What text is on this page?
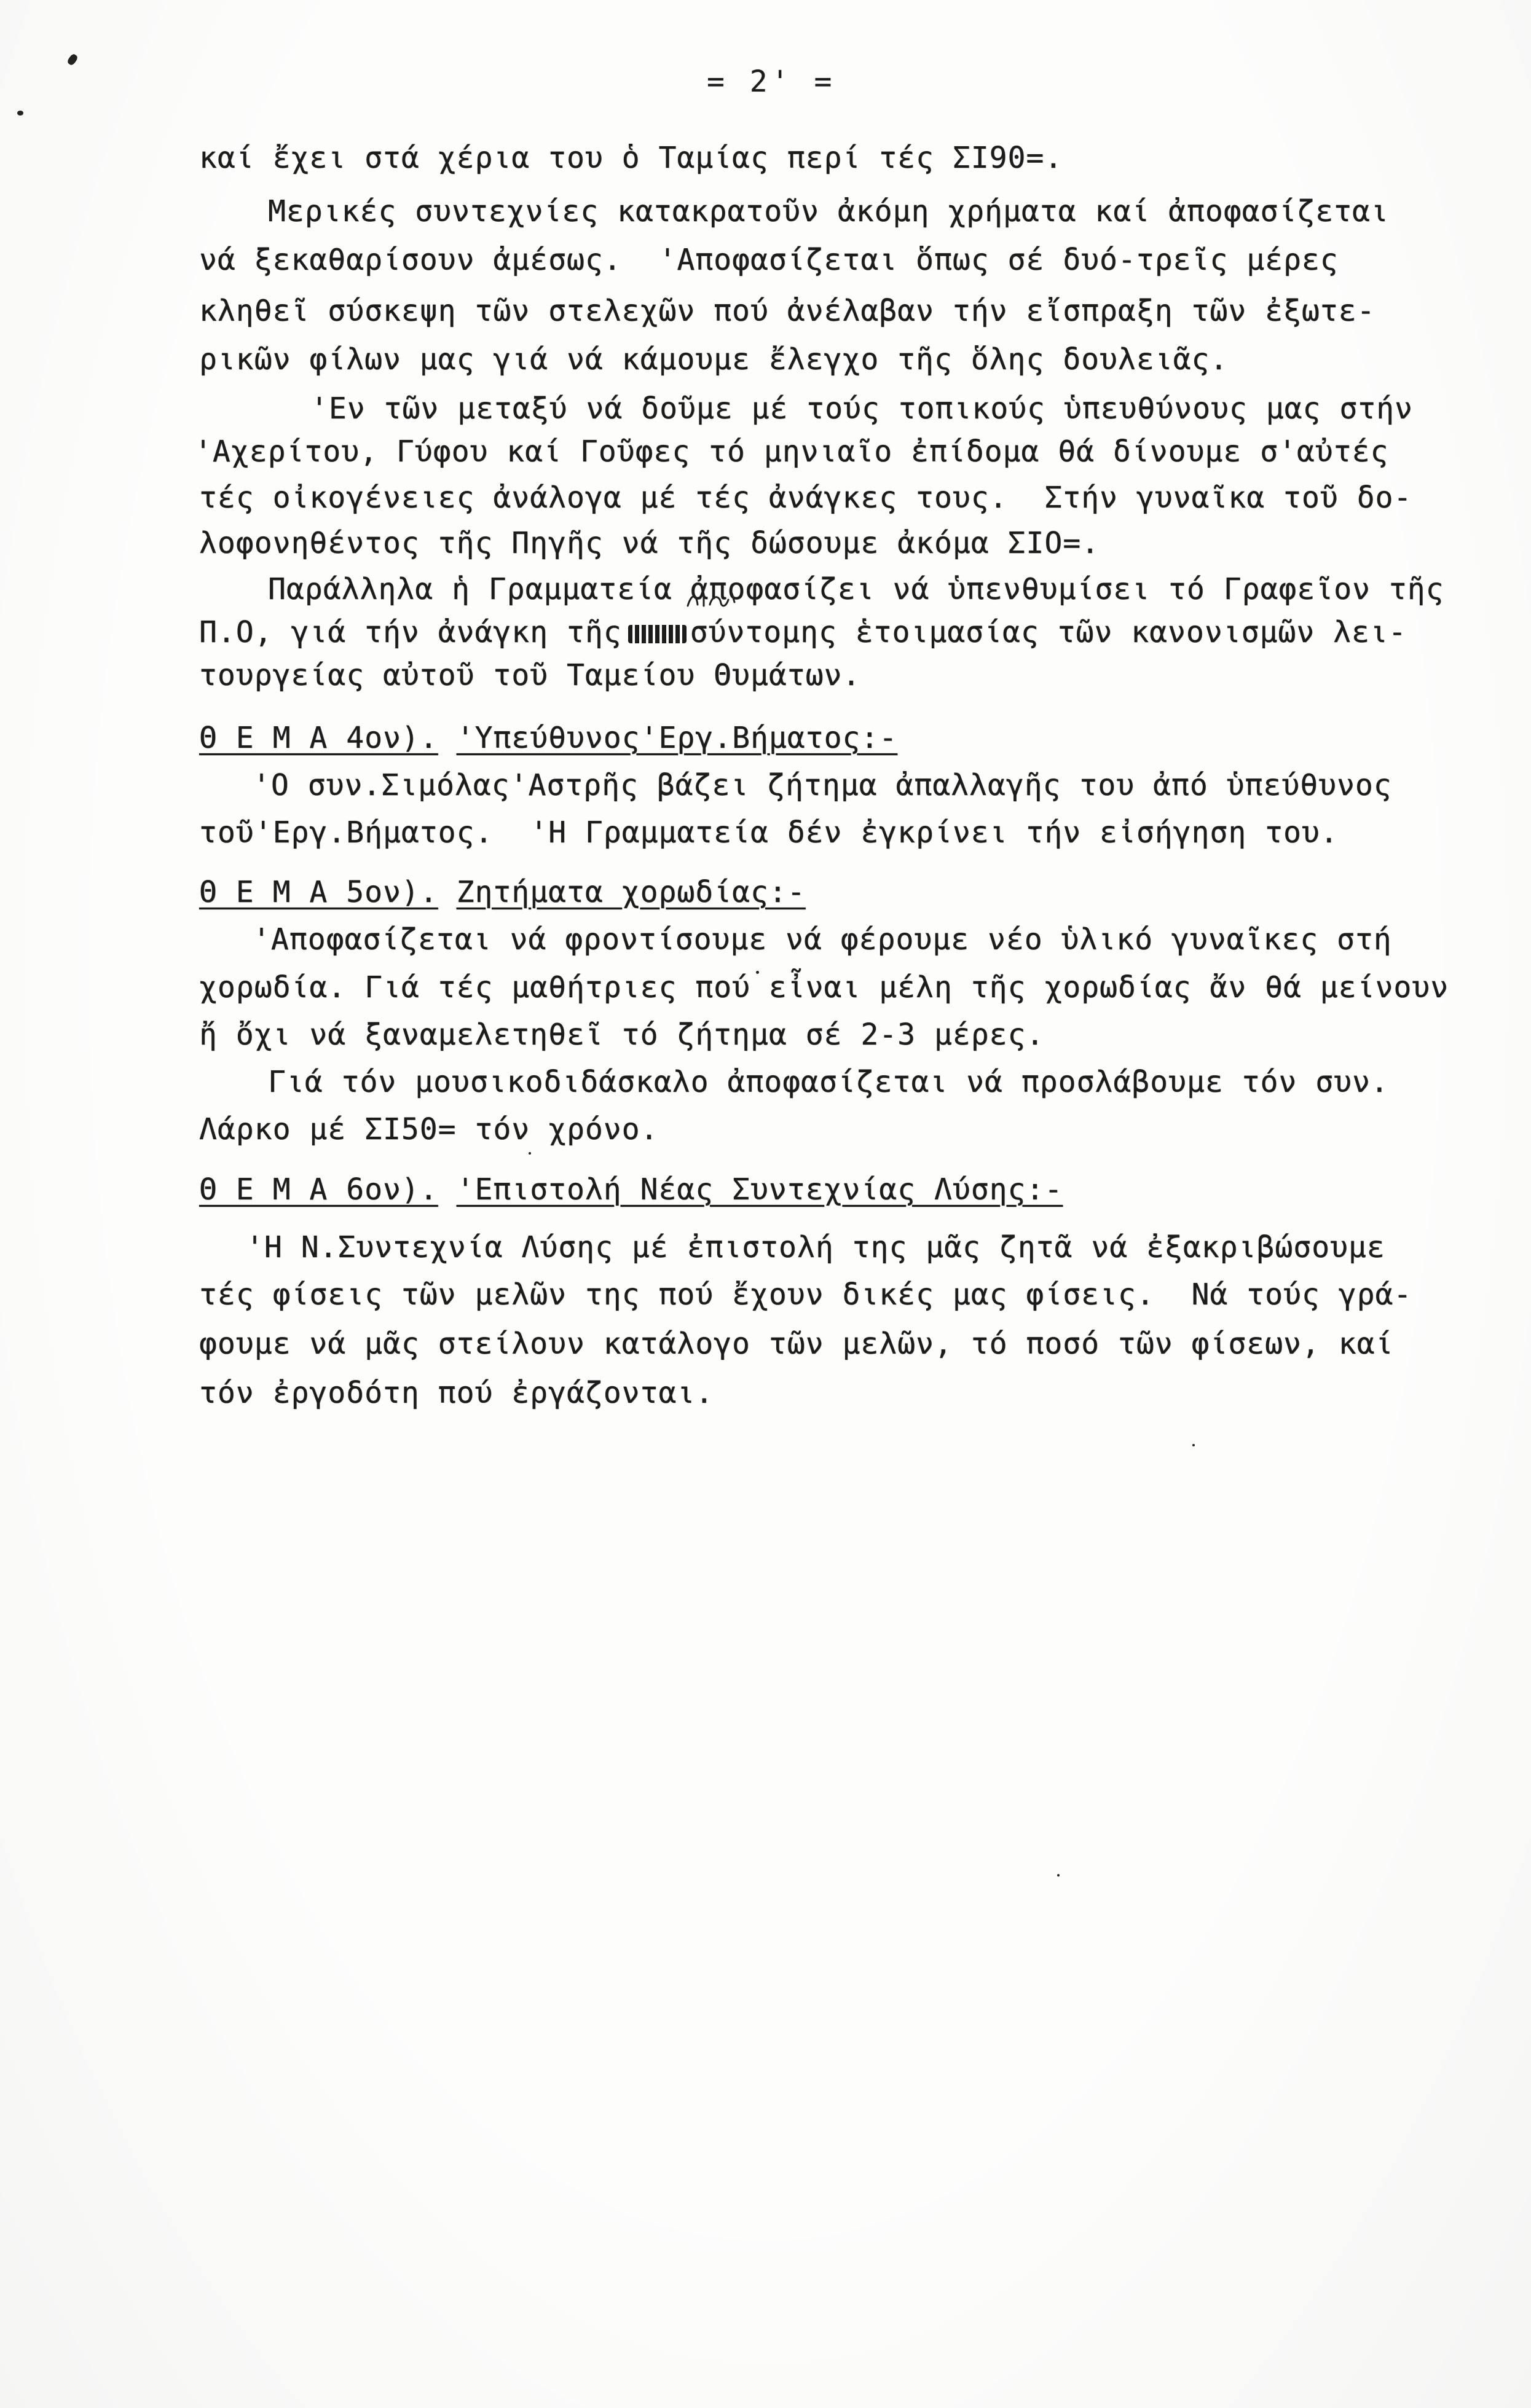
= 2' =
καί ἔχει στά χέρια του ὁ Ταμίας περί τές ΣΙ90=.
Μερικές συντεχνίες κατακρατοῦν ἀκόμη χρήματα καί ἀποφασίζεται
νά ξεκαθαρίσουν ἀμέσως.  'Αποφασίζεται ὅπως σέ δυό-τρεῖς μέρες
κληθεῖ σύσκεψη τῶν στελεχῶν πού ἀνέλαβαν τήν εἴσπραξη τῶν ἐξωτε-
ρικῶν φίλων μας γιά νά κάμουμε ἔλεγχο τῆς ὅλης δουλειᾶς.
'Εν τῶν μεταξύ νά δοῦμε μέ τούς τοπικούς ὑπευθύνους μας στήν
'Αχερίτου, Γύφου καί Γοῦφες τό μηνιαῖο ἐπίδομα θά δίνουμε σ'αὐτές
τές οἰκογένειες ἀνάλογα μέ τές ἀνάγκες τους.  Στήν γυναῖκα τοῦ δο-
λοφονηθέντος τῆς Πηγῆς νά τῆς δώσουμε ἀκόμα ΣΙΟ=.
Παράλληλα ἡ Γραμματεία ἀποφασίζει νά ὑπενθυμίσει τό Γραφεῖον τῆς
Π.Ο, γιά τήν ἀνάγκη τῆς σύντομης ἑτοιμασίας τῶν κανονισμῶν λει-
τουργείας αὐτοῦ τοῦ Ταμείου Θυμάτων.
Θ Ε Μ Α 4ον). 'Υπεύθυνος'Εργ.Βήματος:-
'Ο συν.Σιμόλας'Αστρῆς βάζει ζήτημα ἀπαλλαγῆς του ἀπό ὑπεύθυνος
τοῦ'Εργ.Βήματος.  'Η Γραμματεία δέν ἐγκρίνει τήν εἰσήγηση του.
Θ Ε Μ Α 5ον). Ζητήματα χορωδίας:-
'Αποφασίζεται νά φροντίσουμε νά φέρουμε νέο ὑλικό γυναῖκες στή
χορωδία. Γιά τές μαθήτριες πού εἶναι μέλη τῆς χορωδίας ἄν θά μείνουν
ἤ ὄχι νά ξαναμελετηθεῖ τό ζήτημα σέ 2-3 μέρες.
Γιά τόν μουσικοδιδάσκαλο ἀποφασίζεται νά προσλάβουμε τόν συν.
Λάρκο μέ ΣΙ50= τόν χρόνο.
Θ Ε Μ Α 6ον). 'Επιστολή Νέας Συντεχνίας Λύσης:-
'Η Ν.Συντεχνία Λύσης μέ ἐπιστολή της μᾶς ζητᾶ νά ἐξακριβώσουμε
τές φίσεις τῶν μελῶν της πού ἔχουν δικές μας φίσεις.  Νά τούς γρά-
φουμε νά μᾶς στείλουν κατάλογο τῶν μελῶν, τό ποσό τῶν φίσεων, καί
τόν ἐργοδότη πού ἐργάζονται.
